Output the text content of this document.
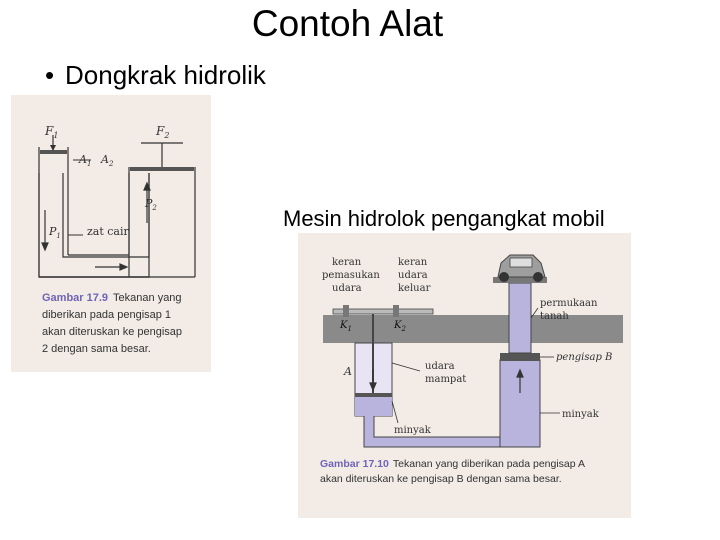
Contoh Alat
• Dongkrak hidrolik
$F_1$	$F_2$
$A_1$ $A_2$
$P_1$
$P_2$
zat cair
Gambar 17.9 Tekanan yang diberikan pada pengisap 1 akan diteruskan ke pengisap 2 dengan sama besar.
Mesin hidrolok pengangkat mobil
keran pemasukan udara
keran udara keluar
$K_1$	$K_2$
permukaan tanah
A	udara mampat
pengisap B
minyak
minyak
Gambar 17.10 Tekanan yang diberikan pada pengisap A akan diteruskan ke pengisap B dengan sama besar.
